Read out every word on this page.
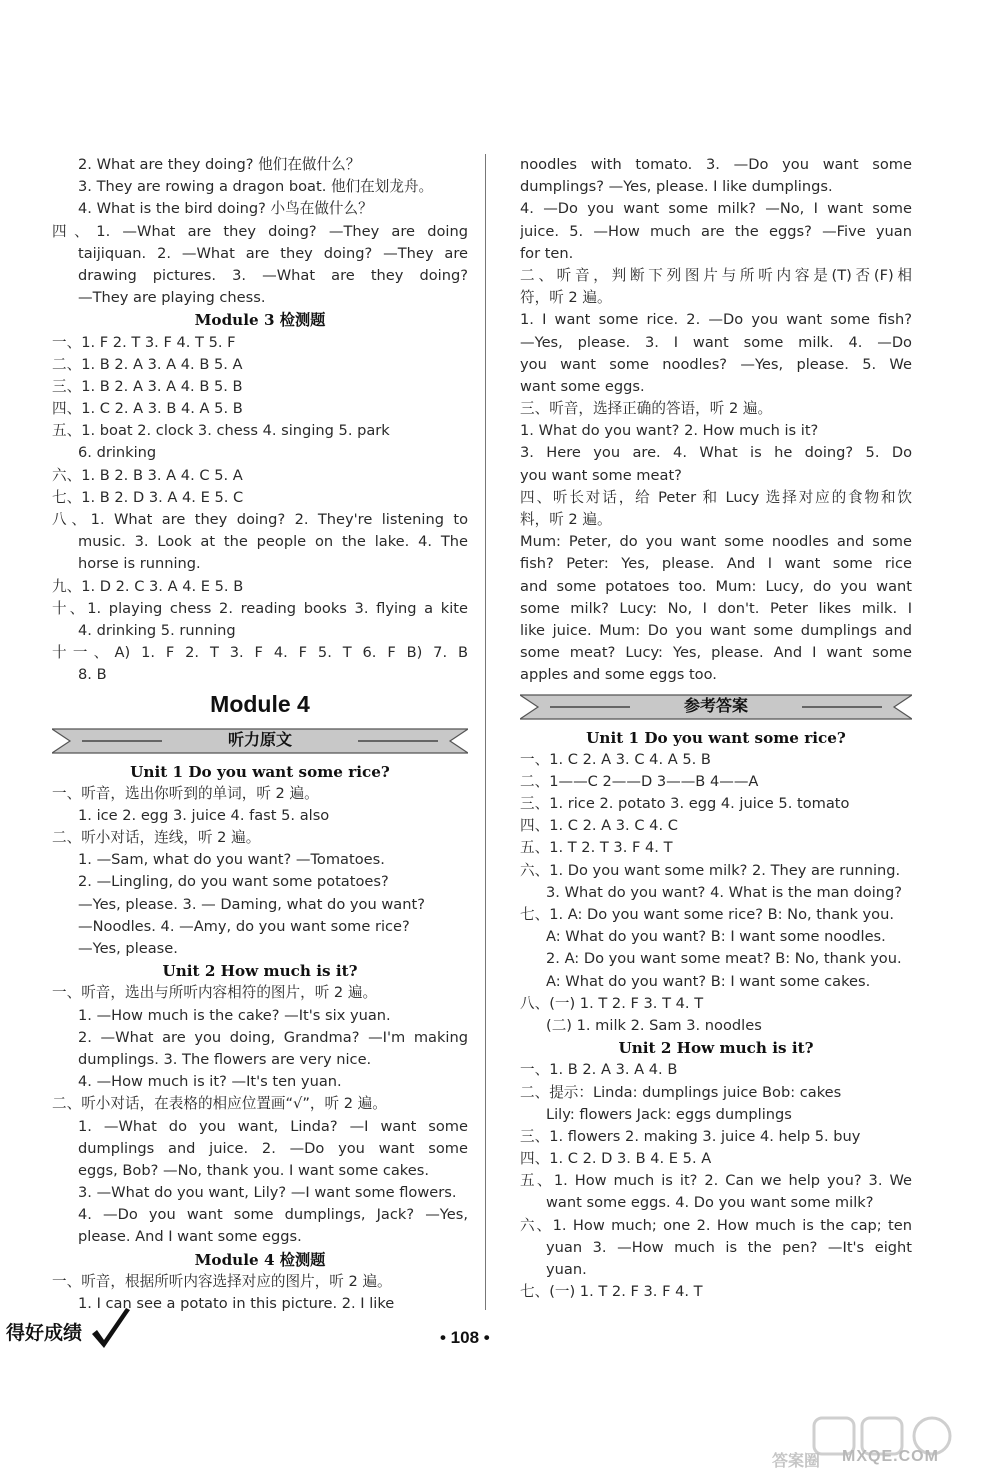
2. What are they doing? 他们在做什么？
3. They are rowing a dragon boat. 他们在划龙舟。
4. What is the bird doing? 小鸟在做什么？
四、1. —What are they doing? —They are doing
taijiquan. 2. —What are they doing? —They are
drawing pictures. 3. —What are they doing?
—They are playing chess.
Module 3 检测题
一、1. F 2. T 3. F 4. T 5. F
二、1. B 2. A 3. A 4. B 5. A
三、1. B 2. A 3. A 4. B 5. B
四、1. C 2. A 3. B 4. A 5. B
五、1. boat 2. clock 3. chess 4. singing 5. park
6. drinking
六、1. B 2. B 3. A 4. C 5. A
七、1. B 2. D 3. A 4. E 5. C
八、1. What are they doing? 2. They're listening to
music. 3. Look at the people on the lake. 4. The
horse is running.
九、1. D 2. C 3. A 4. E 5. B
十、1. playing chess 2. reading books 3. flying a kite
4. drinking 5. running
十一、A) 1. F 2. T 3. F 4. F 5. T 6. F B) 7. B
8. B
Module 4
听力原文
Unit 1 Do you want some rice?
一、听音，选出你听到的单词，听 2 遍。
1. ice 2. egg 3. juice 4. fast 5. also
二、听小对话，连线，听 2 遍。
1. —Sam, what do you want? —Tomatoes.
2. —Lingling, do you want some potatoes?
—Yes, please. 3. — Daming, what do you want?
—Noodles. 4. —Amy, do you want some rice?
—Yes, please.
Unit 2 How much is it?
一、听音，选出与所听内容相符的图片，听 2 遍。
1. —How much is the cake? —It's six yuan.
2. —What are you doing, Grandma? —I'm making
dumplings. 3. The flowers are very nice.
4. —How much is it? —It's ten yuan.
二、听小对话，在表格的相应位置画“√”，听 2 遍。
1. —What do you want, Linda? —I want some
dumplings and juice. 2. —Do you want some
eggs, Bob? —No, thank you. I want some cakes.
3. —What do you want, Lily? —I want some flowers.
4. —Do you want some dumplings, Jack? —Yes,
please. And I want some eggs.
Module 4 检测题
一、听音，根据所听内容选择对应的图片，听 2 遍。
1. I can see a potato in this picture. 2. I like
noodles with tomato. 3. —Do you want some
dumplings? —Yes, please. I like dumplings.
4. —Do you want some milk? —No, I want some
juice. 5. —How much are the eggs? —Five yuan
for ten.
二、听音，判断下列图片与所听内容是(T)否(F)相
符，听 2 遍。
1. I want some rice. 2. —Do you want some fish?
—Yes, please. 3. I want some milk. 4. —Do
you want some noodles? —Yes, please. 5. We
want some eggs.
三、听音，选择正确的答语，听 2 遍。
1. What do you want? 2. How much is it?
3. Here you are. 4. What is he doing? 5. Do
you want some meat?
四、听长对话，给 Peter 和 Lucy 选择对应的食物和饮
料，听 2 遍。
Mum: Peter, do you want some noodles and some
fish? Peter: Yes, please. And I want some rice
and some potatoes too. Mum: Lucy, do you want
some milk? Lucy: No, I don't. Peter likes milk. I
like juice. Mum: Do you want some dumplings and
some meat? Lucy: Yes, please. And I want some
apples and some eggs too.
参考答案
Unit 1 Do you want some rice?
一、1. C 2. A 3. C 4. A 5. B
二、1——C 2——D 3——B 4——A
三、1. rice 2. potato 3. egg 4. juice 5. tomato
四、1. C 2. A 3. C 4. C
五、1. T 2. T 3. F 4. T
六、1. Do you want some milk? 2. They are running.
3. What do you want? 4. What is the man doing?
七、1. A: Do you want some rice? B: No, thank you.
A: What do you want? B: I want some noodles.
2. A: Do you want some meat? B: No, thank you.
A: What do you want? B: I want some cakes.
八、(一) 1. T 2. F 3. T 4. T
(二) 1. milk 2. Sam 3. noodles
Unit 2 How much is it?
一、1. B 2. A 3. A 4. B
二、提示：Linda: dumplings juice Bob: cakes
Lily: flowers Jack: eggs dumplings
三、1. flowers 2. making 3. juice 4. help 5. buy
四、1. C 2. D 3. B 4. E 5. A
五、1. How much is it? 2. Can we help you? 3. We
want some eggs. 4. Do you want some milk?
六、1. How much; one 2. How much is the cap; ten
yuan 3. —How much is the pen? —It's eight
yuan.
七、(一) 1. T 2. F 3. F 4. T
得好成绩	• 108 •
MXQE.COM
答案圈
